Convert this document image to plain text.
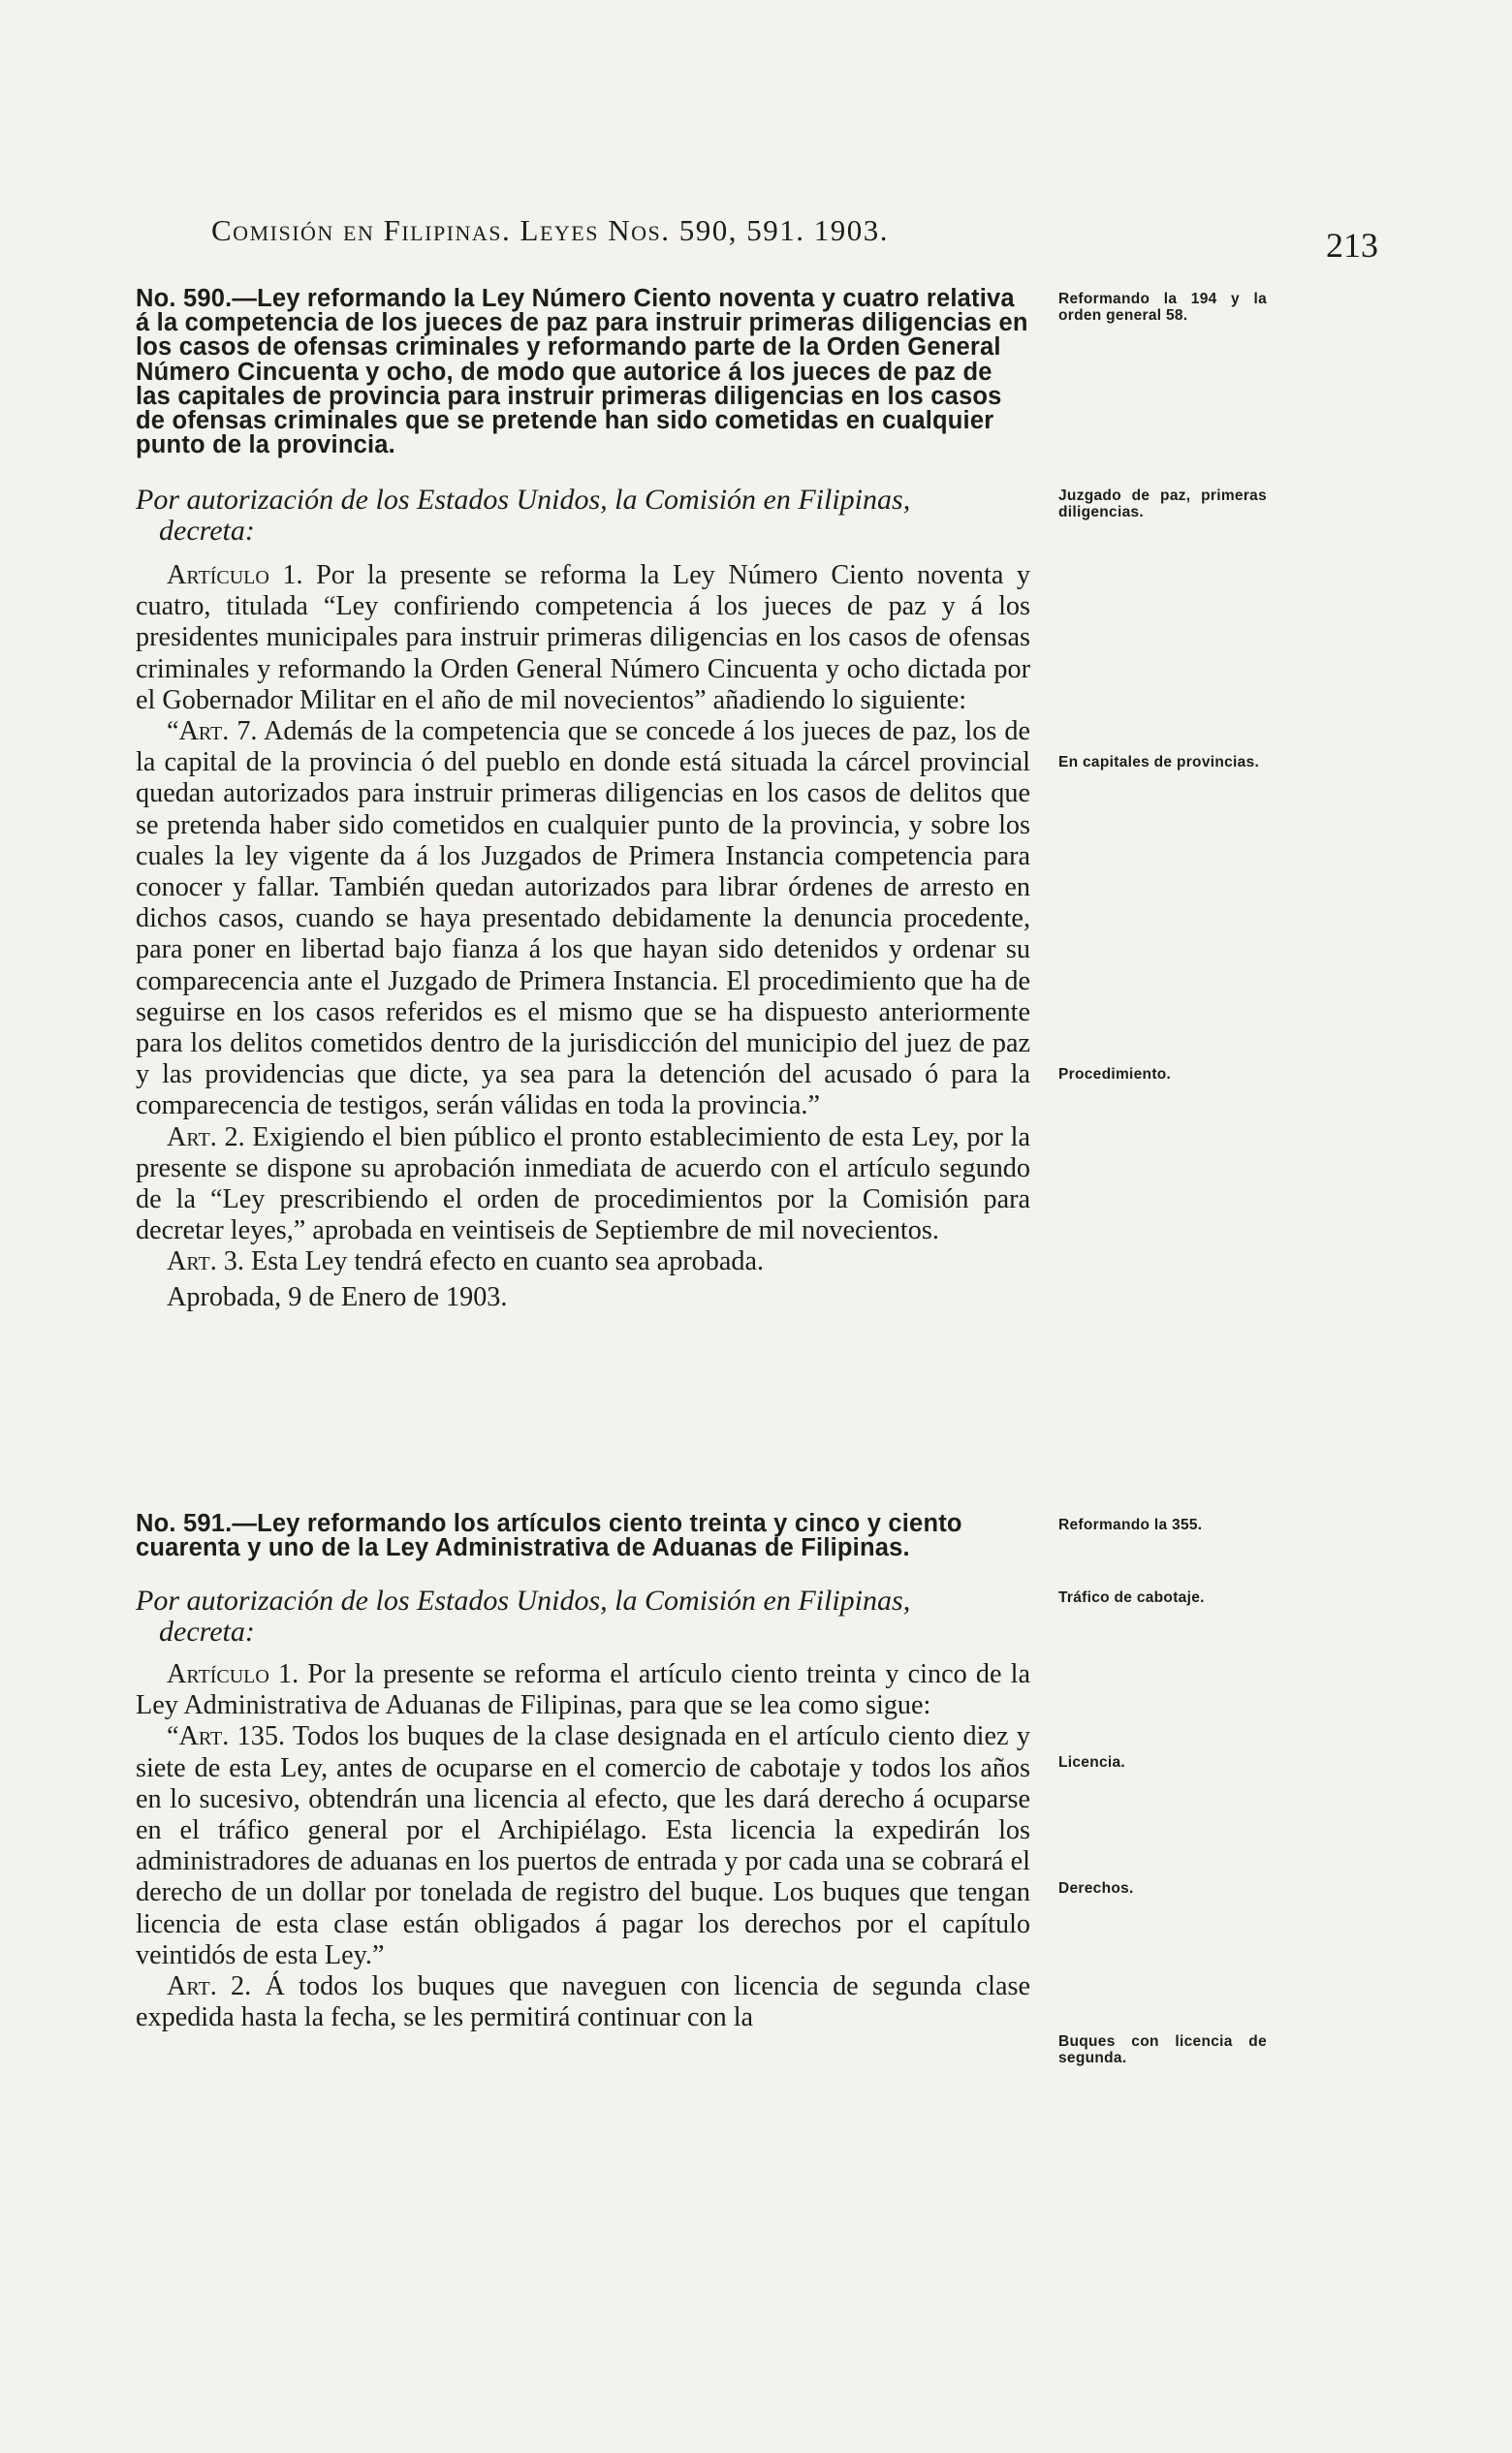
Comisión en Filipinas. Leyes Nos. 590, 591. 1903.	213
No. 590.—Ley reformando la Ley Número Ciento noventa y cuatro relativa á la competencia de los jueces de paz para instruir primeras diligencias en los casos de ofensas criminales y reformando parte de la Orden General Número Cincuenta y ocho, de modo que autorice á los jueces de paz de las capitales de provincia para instruir primeras diligencias en los casos de ofensas criminales que se pretende han sido cometidas en cualquier punto de la provincia.
Por autorización de los Estados Unidos, la Comisión en Filipinas,
decreta:

Artículo 1. Por la presente se reforma la Ley Número Ciento noventa y cuatro, titulada “Ley confiriendo competencia á los jueces de paz y á los presidentes municipales para instruir primeras diligencias en los casos de ofensas criminales y reformando la Orden General Número Cincuenta y ocho dictada por el Gobernador Militar en el año de mil novecientos” añadiendo lo siguiente:

“Art. 7. Además de la competencia que se concede á los jueces de paz, los de la capital de la provincia ó del pueblo en donde está situada la cárcel provincial quedan autorizados para instruir primeras diligencias en los casos de delitos que se pretenda haber sido cometidos en cualquier punto de la provincia, y sobre los cuales la ley vigente da á los Juzgados de Primera Instancia competencia para conocer y fallar. También quedan autorizados para librar órdenes de arresto en dichos casos, cuando se haya presentado debidamente la denuncia procedente, para poner en libertad bajo fianza á los que hayan sido detenidos y ordenar su comparecencia ante el Juzgado de Primera Instancia. El procedimiento que ha de seguirse en los casos referidos es el mismo que se ha dispuesto anteriormente para los delitos cometidos dentro de la jurisdicción del municipio del juez de paz y las providencias que dicte, ya sea para la detención del acusado ó para la comparecencia de testigos, serán válidas en toda la provincia.”

Art. 2. Exigiendo el bien público el pronto establecimiento de esta Ley, por la presente se dispone su aprobación inmediata de acuerdo con el artículo segundo de la “Ley prescribiendo el orden de procedimientos por la Comisión para decretar leyes,” aprobada en veintiseis de Septiembre de mil novecientos.

Art. 3. Esta Ley tendrá efecto en cuanto sea aprobada.

Aprobada, 9 de Enero de 1903.

No. 591.—Ley reformando los artículos ciento treinta y cinco y ciento cuarenta y uno de la Ley Administrativa de Aduanas de Filipinas.
Por autorización de los Estados Unidos, la Comisión en Filipinas,
decreta:

Artículo 1. Por la presente se reforma el artículo ciento treinta y cinco de la Ley Administrativa de Aduanas de Filipinas, para que se lea como sigue:

“Art. 135. Todos los buques de la clase designada en el artículo ciento diez y siete de esta Ley, antes de ocuparse en el comercio de cabotaje y todos los años en lo sucesivo, obtendrán una licencia al efecto, que les dará derecho á ocuparse en el tráfico general por el Archipiélago. Esta licencia la expedirán los administradores de aduanas en los puertos de entrada y por cada una se cobrará el derecho de un dollar por tonelada de registro del buque. Los buques que tengan licencia de esta clase están obligados á pagar los derechos por el capítulo veintidós de esta Ley.”

Art. 2. Á todos los buques que naveguen con licencia de segunda clase expedida hasta la fecha, se les permitirá continuar con la

Reformando la 194 y la orden general 58.
Juzgado de paz, primeras diligencias.
En capitales de provincias.
Procedimiento.
Reformando la 355.
Tráfico de cabotaje.
Licencia.
Derechos.
Buques con licencia de segunda.
